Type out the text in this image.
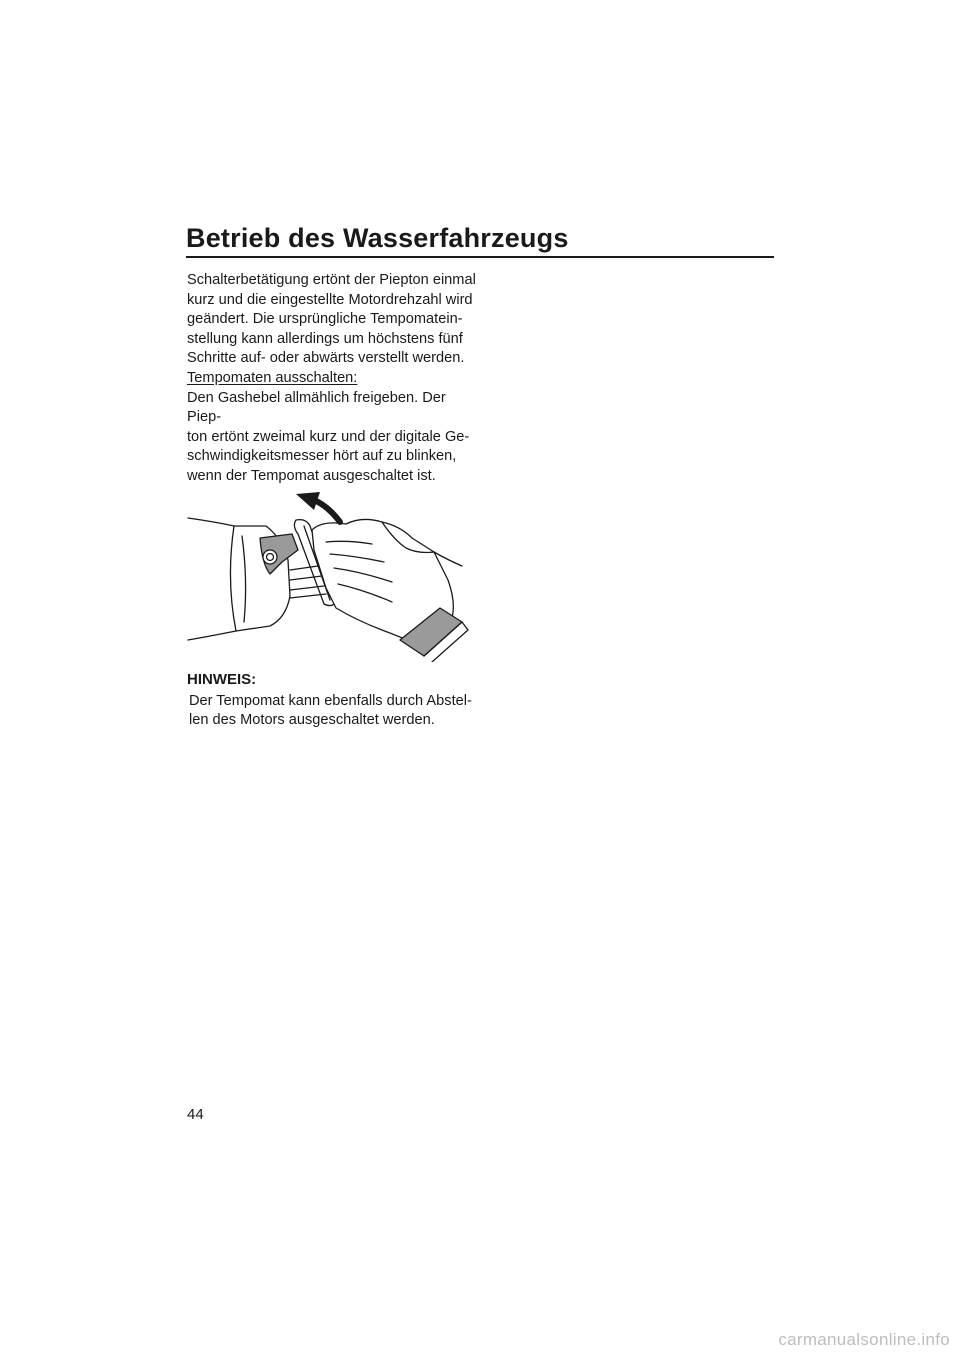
Betrieb des Wasserfahrzeugs

Schalterbetätigung ertönt der Piepton einmal
kurz und die eingestellte Motordrehzahl wird
geändert. Die ursprüngliche Tempomatein-
stellung kann allerdings um höchstens fünf
Schritte auf- oder abwärts verstellt werden.

Tempomaten ausschalten:

Den Gashebel allmählich freigeben. Der Piep-
ton ertönt zweimal kurz und der digitale Ge-
schwindigkeitsmesser hört auf zu blinken,
wenn der Tempomat ausgeschaltet ist.

HINWEIS:

Der Tempomat kann ebenfalls durch Abstel-
len des Motors ausgeschaltet werden.

44
carmanualsonline.info
